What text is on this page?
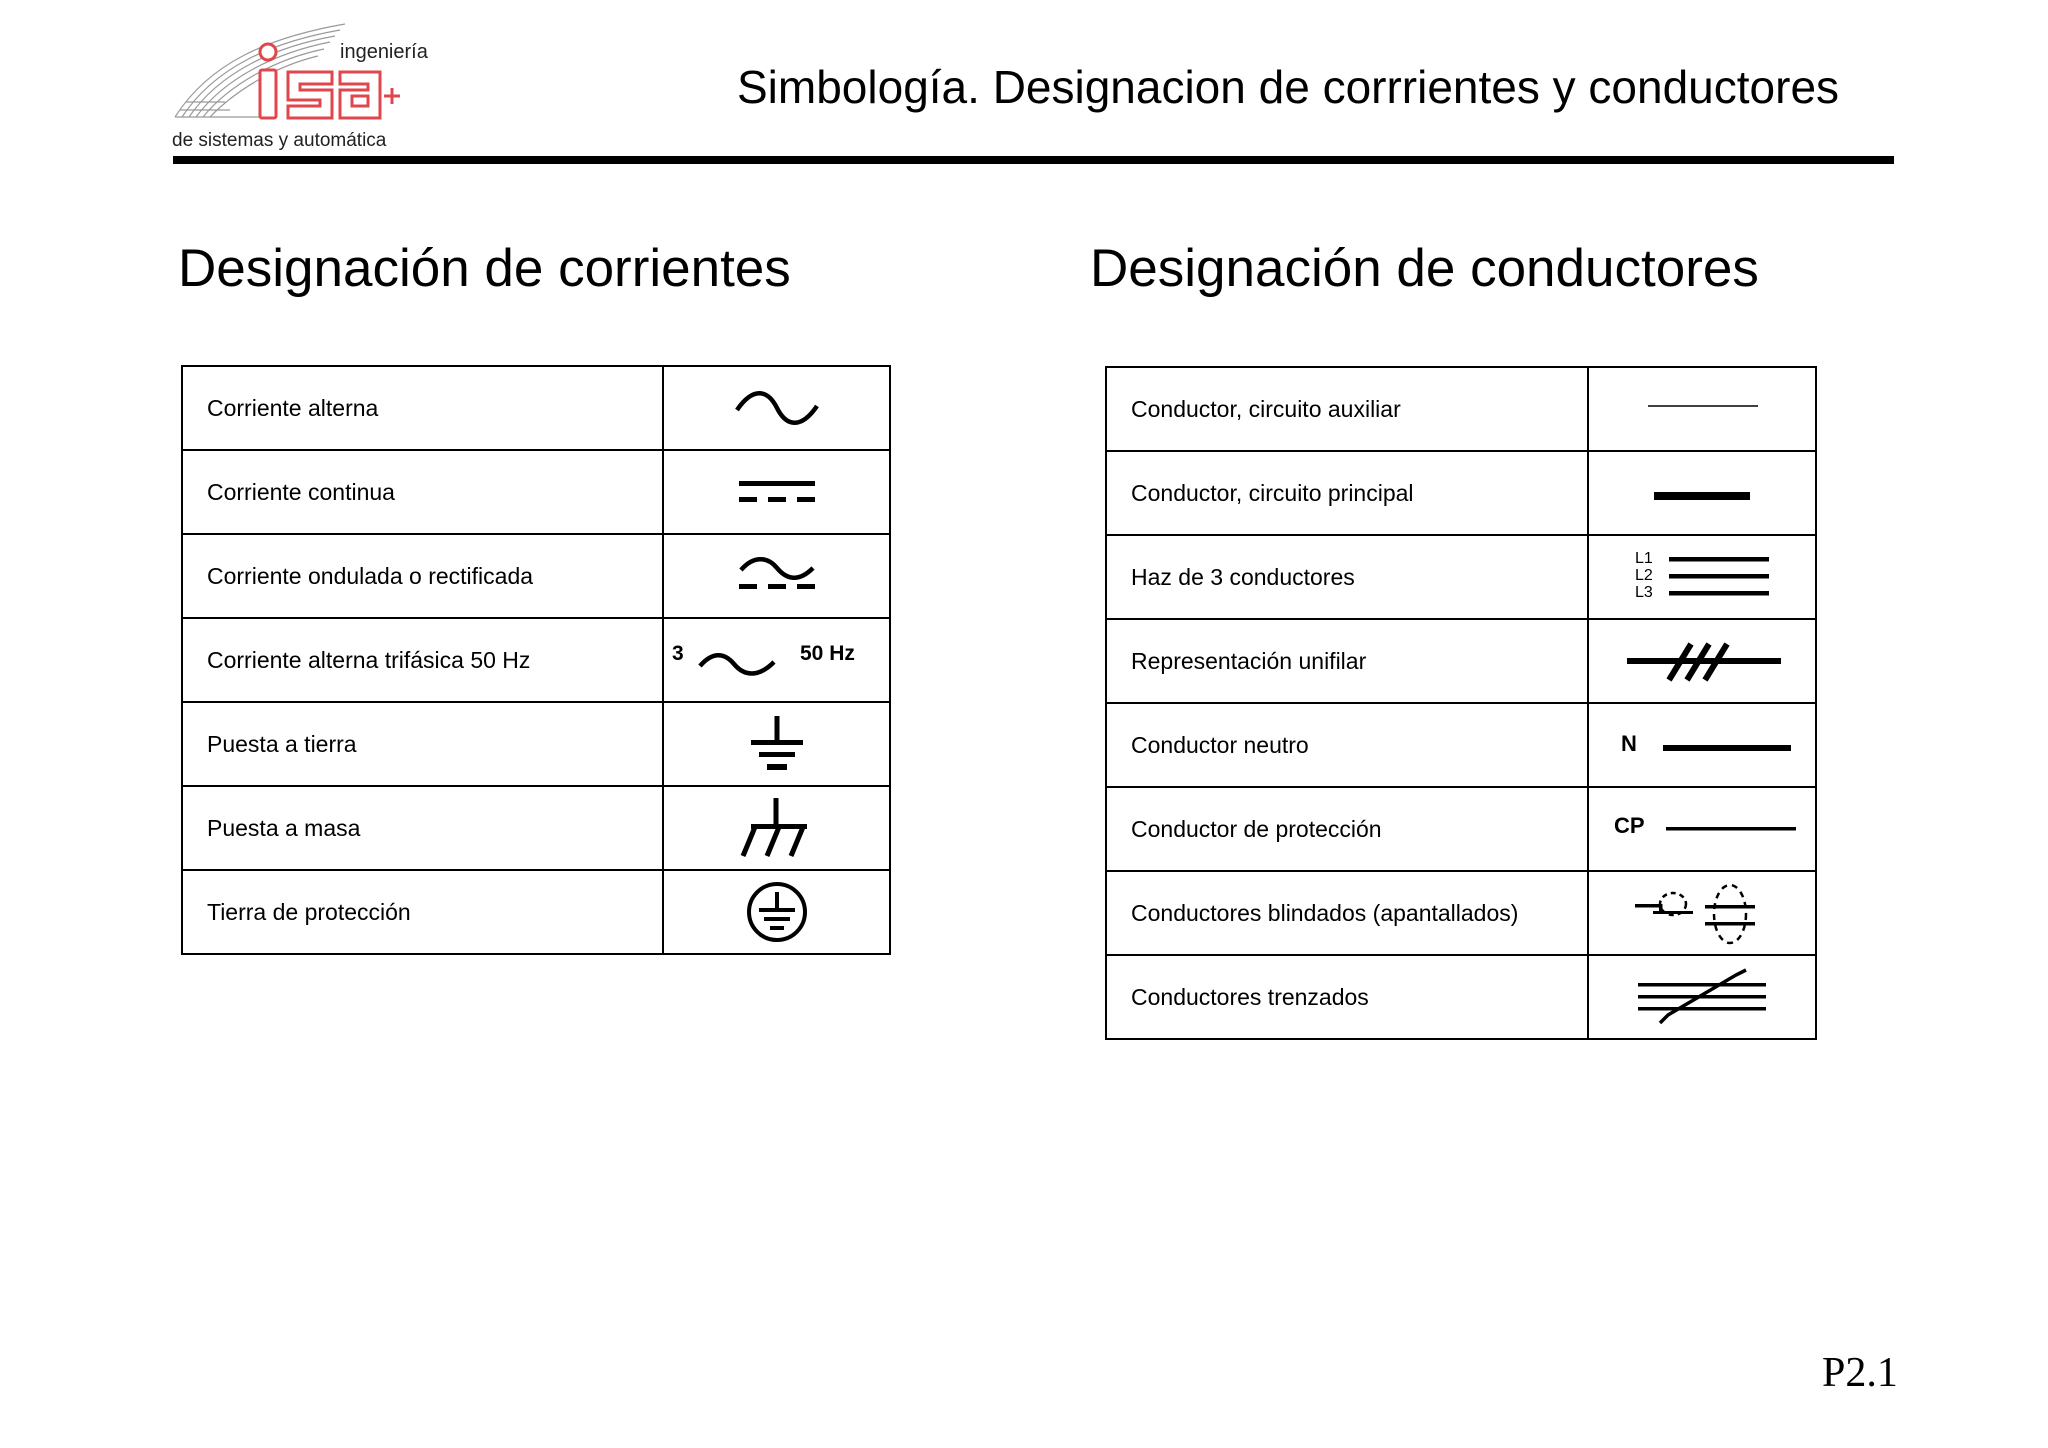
ingeniería
de sistemas y automática
Simbología. Designacion de corrrientes y conductores
Designación de corrientes	Designación de conductores
Corriente alterna	

Corriente continua	

Corriente ondulada o rectificada	

Corriente alterna trifásica 50 Hz	3 50 Hz

Puesta a tierra	

Puesta a masa	

Tierra de protección	
Conductor, circuito auxiliar	

Conductor, circuito principal	

Haz de 3 conductores	L1
L2
L3

Representación unifilar	

Conductor neutro	N

Conductor de protección	CP

Conductores blindados (apantallados)	

Conductores trenzados	
P2.1
